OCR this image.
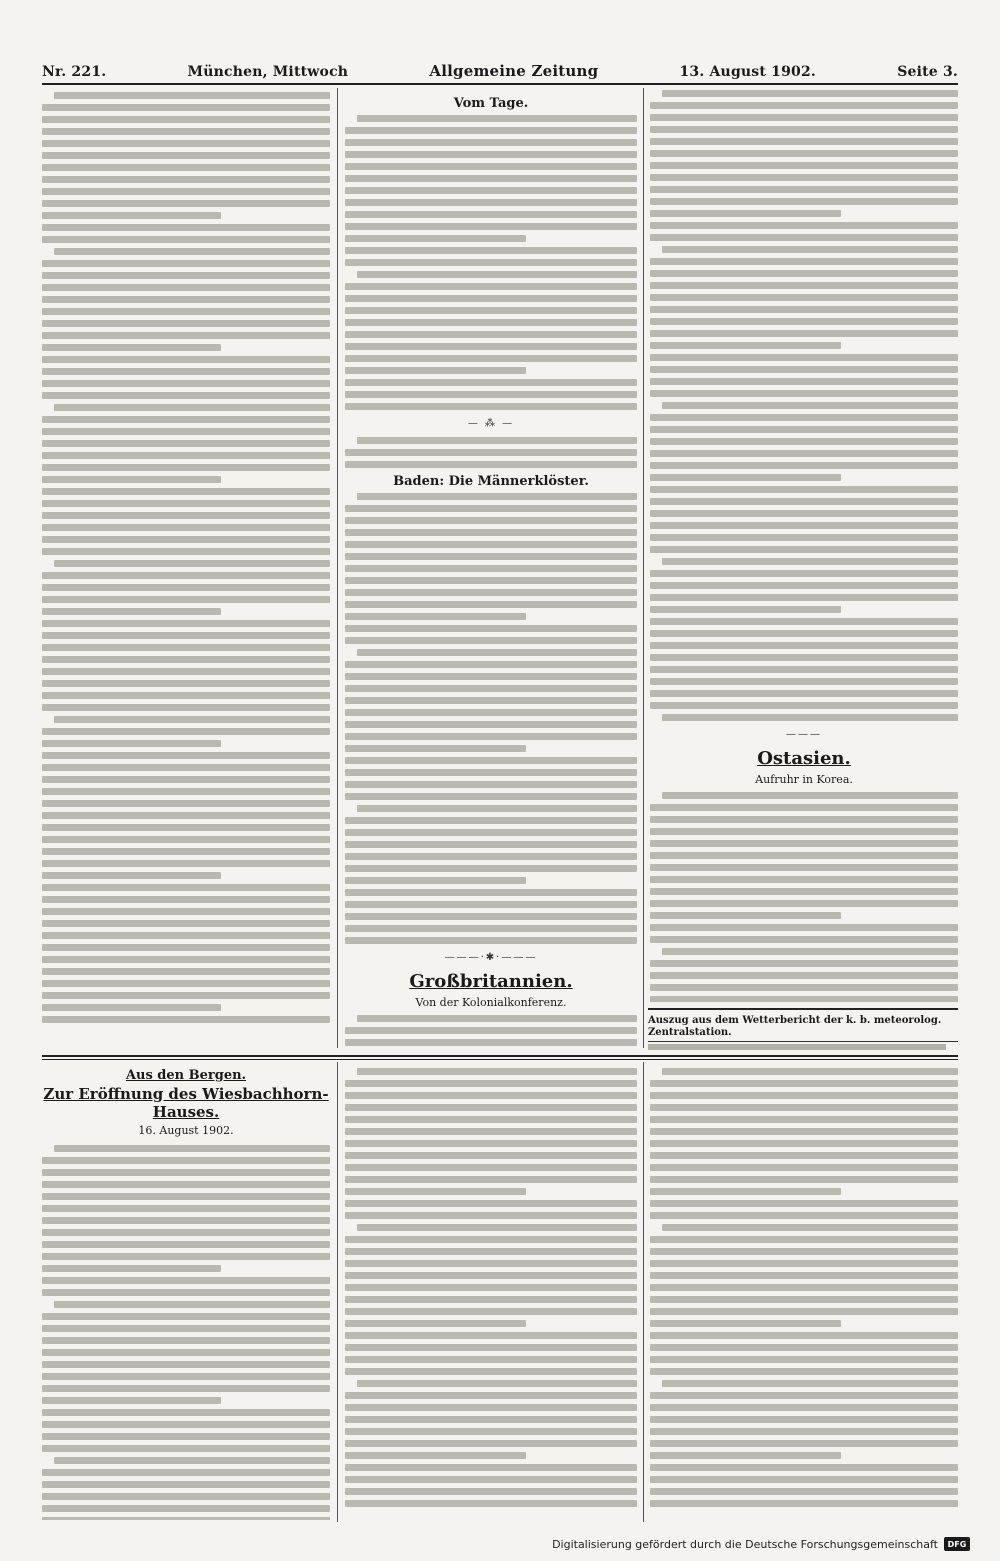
Nr. 221.	München, Mittwoch	Allgemeine Zeitung	13. August 1902.	Seite 3.
Vom Tage.
— ⁂ —
Baden: Die Männerklöster.
———·✱·———
Großbritannien.
Von der Kolonialkonferenz.
———
Ostasien.
Aufruhr in Korea.
Auszug aus dem Wetterbericht der k. b. meteorolog. Zentralstation.
Aus den Bergen.
Zur Eröffnung des Wiesbachhorn-Hauses.
16. August 1902.
Digitalisierung gefördert durch die Deutsche Forschungsgemeinschaft	DFG
